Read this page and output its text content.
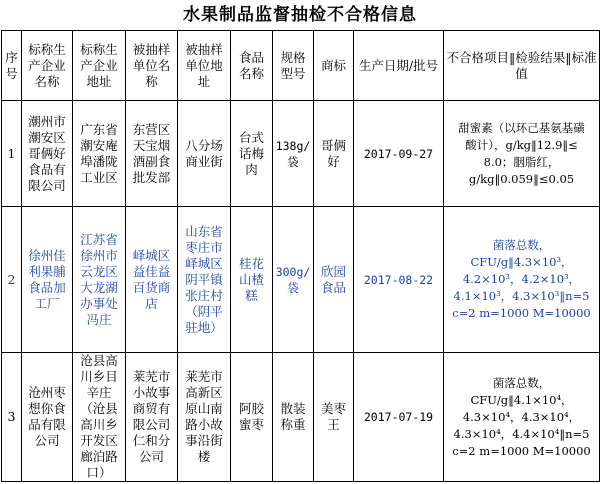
水果制品监督抽检不合格信息
序号	标称生产企业名称	标称生产企业地址	被抽样单位名称	被抽样单位地址	食品名称	规格型号	商标	生产日期/批号	不合格项目‖检验结果‖标准值
1	潮州市潮安区哥俩好食品有限公司	广东省潮安庵埠潘陇工业区	东营区天宝烟酒副食批发部	八分场商业街	台式话梅肉	138g/袋	哥俩好	2017-09-27	甜蜜素（以环己基氨基磺
酸计），g/kg‖12.9‖≤
8.0；胭脂红，
g/kg‖0.059‖≤0.05

2	徐州佳利果脯食品加工厂	江苏省徐州市云龙区大龙湖办事处冯庄	峄城区益佳益百货商店	山东省枣庄市峄城区阴平镇张庄村（阴平驻地）	桂花山楂糕	300g/袋	欣园食品	2017-08-22	菌落总数，
CFU/g‖4.3×10³，
4.2×10³，4.2×10³，
4.1×10³，4.3×10³‖n=5
c=2 m=1000 M=10000

3	沧州枣想你食品有限公司	沧县高川乡目辛庄（沧县高川乡开发区廊泊路口）	莱芜市小故事商贸有限公司仁和分公司	莱芜市高新区原山南路小故事沿街楼	阿胶蜜枣	散装称重	美枣王	2017-07-19	菌落总数，
CFU/g‖4.1×10⁴，
4.3×10⁴，4.3×10⁴，
4.3×10⁴，4.4×10⁴‖n=5
c=2 m=1000 M=10000
